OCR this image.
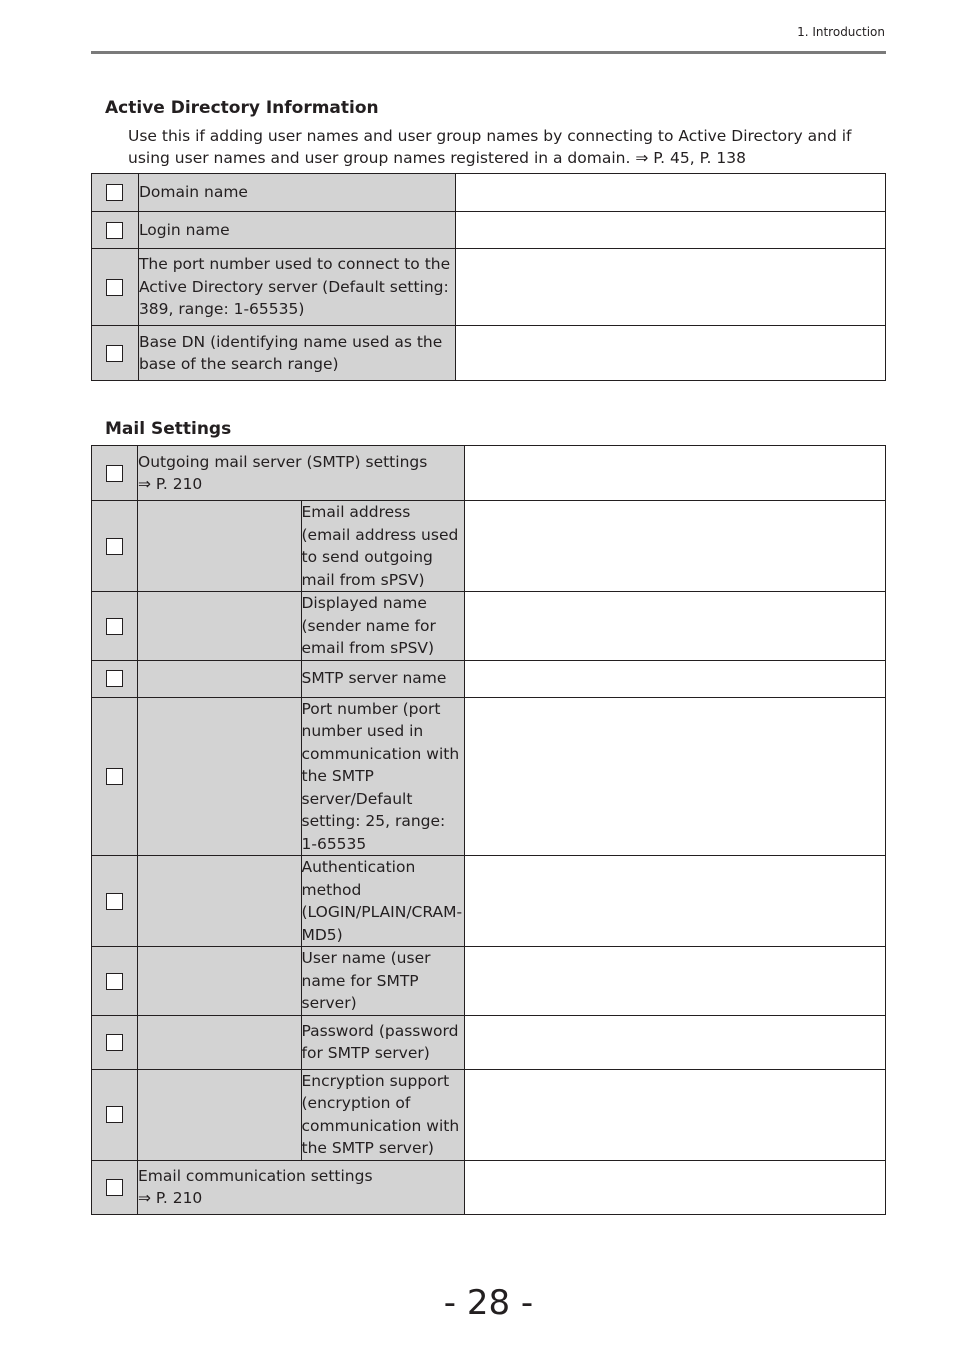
1. Introduction
Active Directory Information
Use this if adding user names and user group names by connecting to Active Directory and if using user names and user group names registered in a domain. ⇒ P. 45, P. 138
	Domain name	
	Login name	
	The port number used to connect to the Active Directory server (Default setting: 389, range: 1-65535)	
	Base DN (identifying name used as the base of the search range)	
Mail Settings

	Outgoing mail server (SMTP) settings
⇒ P. 210		

		Email address (email address used to send outgoing mail from sPSV)	
		Displayed name (sender name for email from sPSV)	
		SMTP server name	
		Port number (port number used in communication with the SMTP server/Default setting: 25, range: 1-65535	
		Authentication method (LOGIN/PLAIN/CRAM-MD5)	
		User name (user name for SMTP server)	
		Password (password for SMTP server)	
		Encryption support (encryption of communication with the SMTP server)	

	Email communication settings
⇒ P. 210		

- 28 -
